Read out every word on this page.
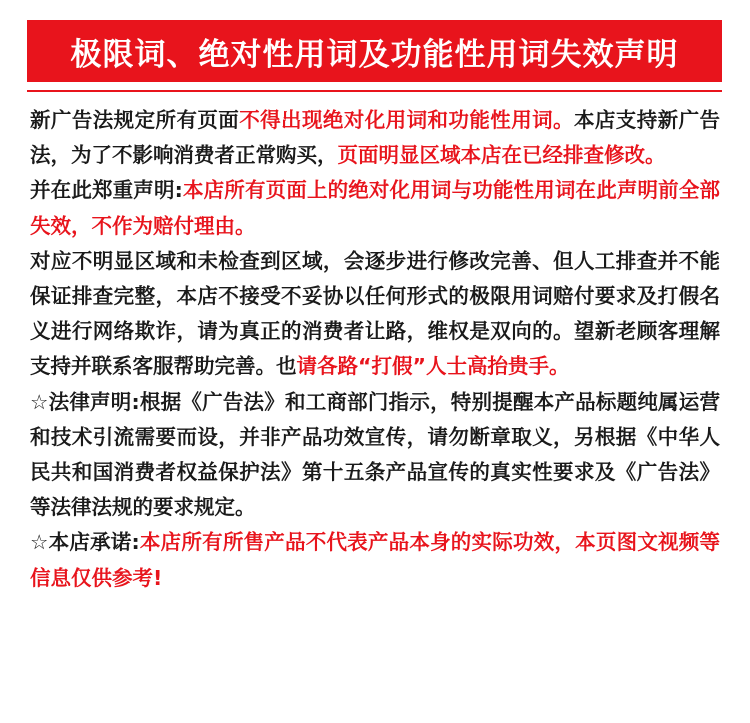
极限词、绝对性用词及功能性用词失效声明

新广告法规定所有页面不得出现绝对化用词和功能性用词。本店支持新广告法，为了不影响消费者正常购买，页面明显区域本店在已经排查修改。

并在此郑重声明:本店所有页面上的绝对化用词与功能性用词在此声明前全部失效，不作为赔付理由。

对应不明显区域和未检查到区域，会逐步进行修改完善、但人工排查并不能保证排查完整，本店不接受不妥协以任何形式的极限用词赔付要求及打假名义进行网络欺诈，请为真正的消费者让路，维权是双向的。望新老顾客理解支持并联系客服帮助完善。也请各路“打假”人士高抬贵手。

☆法律声明:根据《广告法》和工商部门指示，特别提醒本产品标题纯属运营和技术引流需要而设，并非产品功效宣传，请勿断章取义，另根据《中华人民共和国消费者权益保护法》第十五条产品宣传的真实性要求及《广告法》等法律法规的要求规定。

☆本店承诺:本店所有所售产品不代表产品本身的实际功效，本页图文视频等信息仅供参考!
